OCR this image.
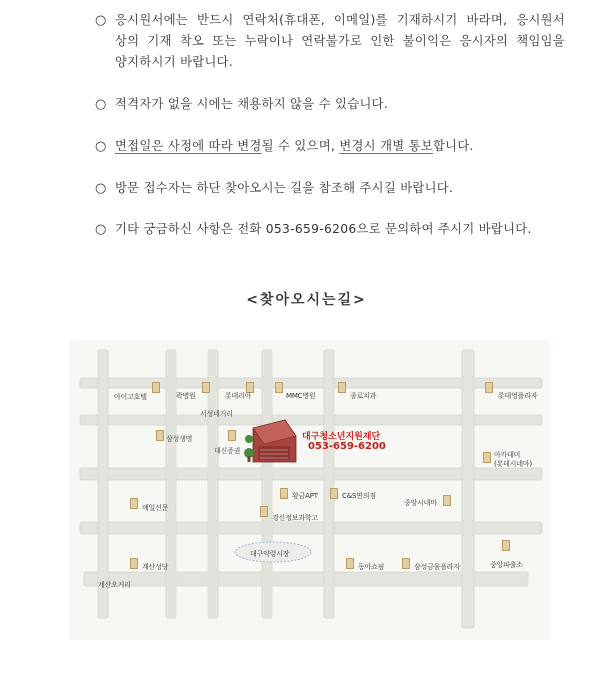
○ 응시원서에는 반드시 연락처(휴대폰, 이메일)를 기재하시기 바라며, 응시원서
상의 기재 착오 또는 누락이나 연락불가로 인한 불이익은 응시자의 책임임을
양지하시기 바랍니다.
○ 적격자가 없을 시에는 채용하지 않을 수 있습니다.
○ 면접일은 사정에 따라 변경될 수 있으며, 변경시 개별 통보합니다.
○ 방문 접수자는 하단 찾아오시는 길을 참조해 주시길 바랍니다.
○ 기타 궁금하신 사항은 전화 053-659-6206으로 문의하여 주시기 바랍니다.
<찾아오시는길>
아이고호텔	곽병원	롯데리아	MMC병원	종로치과	롯데영플라자
서성네거리
삼성생명
대신증권	아카데미
(롯데시네마)
매일신문
황금APT	C&S면의점
중앙시네마
경신정보과학고
대구약령시장
계산성당	동아쇼핑	삼성금융플라자	중앙파출소
계산오거리
대구청소년지원재단
053-659-6200
